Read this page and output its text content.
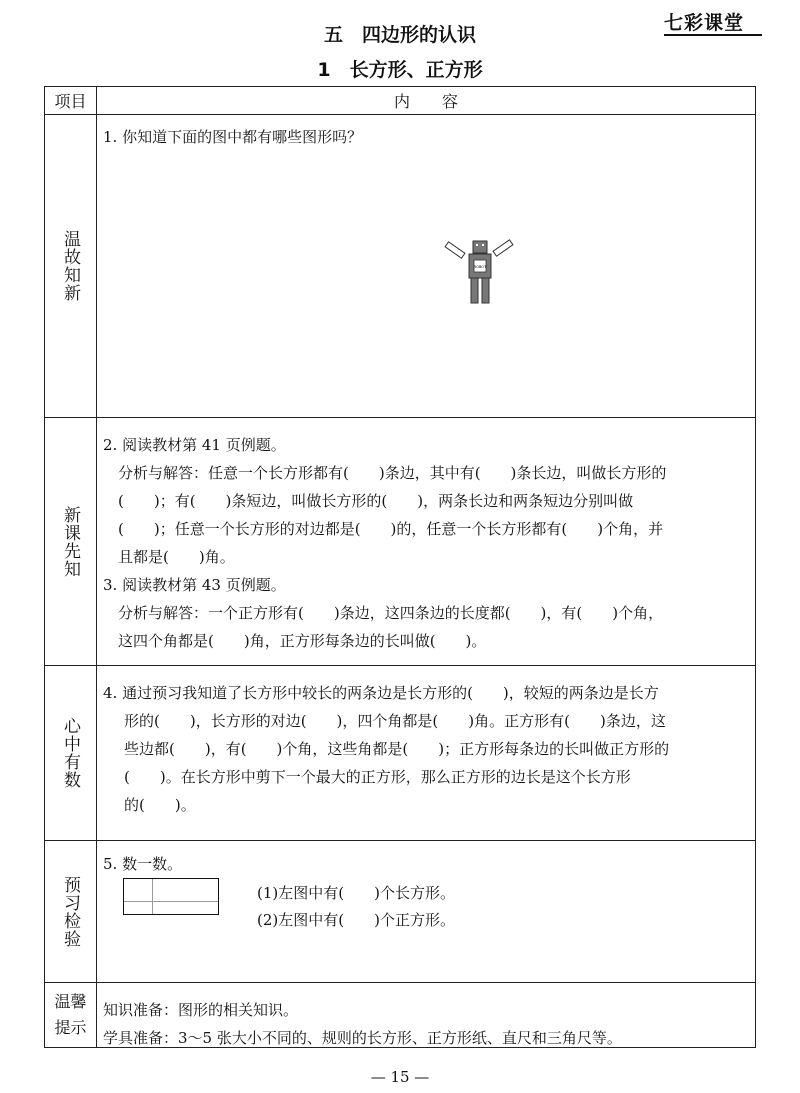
七彩课堂
五　四边形的认识
1　长方形、正方形
项目	内　　容
温故知新
1. 你知道下面的图中都有哪些图形吗？
ROBOT
新课先知
2. 阅读教材第 41 页例题。
　分析与解答：任意一个长方形都有(　　)条边，其中有(　　)条长边，叫做长方形的
　(　　)；有(　　)条短边，叫做长方形的(　　)，两条长边和两条短边分别叫做
　(　　)；任意一个长方形的对边都是(　　)的，任意一个长方形都有(　　)个角，并
　且都是(　　)角。
3. 阅读教材第 43 页例题。
　分析与解答：一个正方形有(　　)条边，这四条边的长度都(　　)，有(　　)个角，
　这四个角都是(　　)角，正方形每条边的长叫做(　　)。
心中有数
4. 通过预习我知道了长方形中较长的两条边是长方形的(　　)，较短的两条边是长方
形的(　　)，长方形的对边(　　)，四个角都是(　　)角。正方形有(　　)条边，这
些边都(　　)，有(　　)个角，这些角都是(　　)；正方形每条边的长叫做正方形的
(　　)。在长方形中剪下一个最大的正方形，那么正方形的边长是这个长方形
的(　　)。
预习检验
5. 数一数。
(1)左图中有(　　)个长方形。
(2)左图中有(　　)个正方形。
温馨提示
知识准备：图形的相关知识。
学具准备：3～5 张大小不同的、规则的长方形、正方形纸、直尺和三角尺等。
— 15 —
